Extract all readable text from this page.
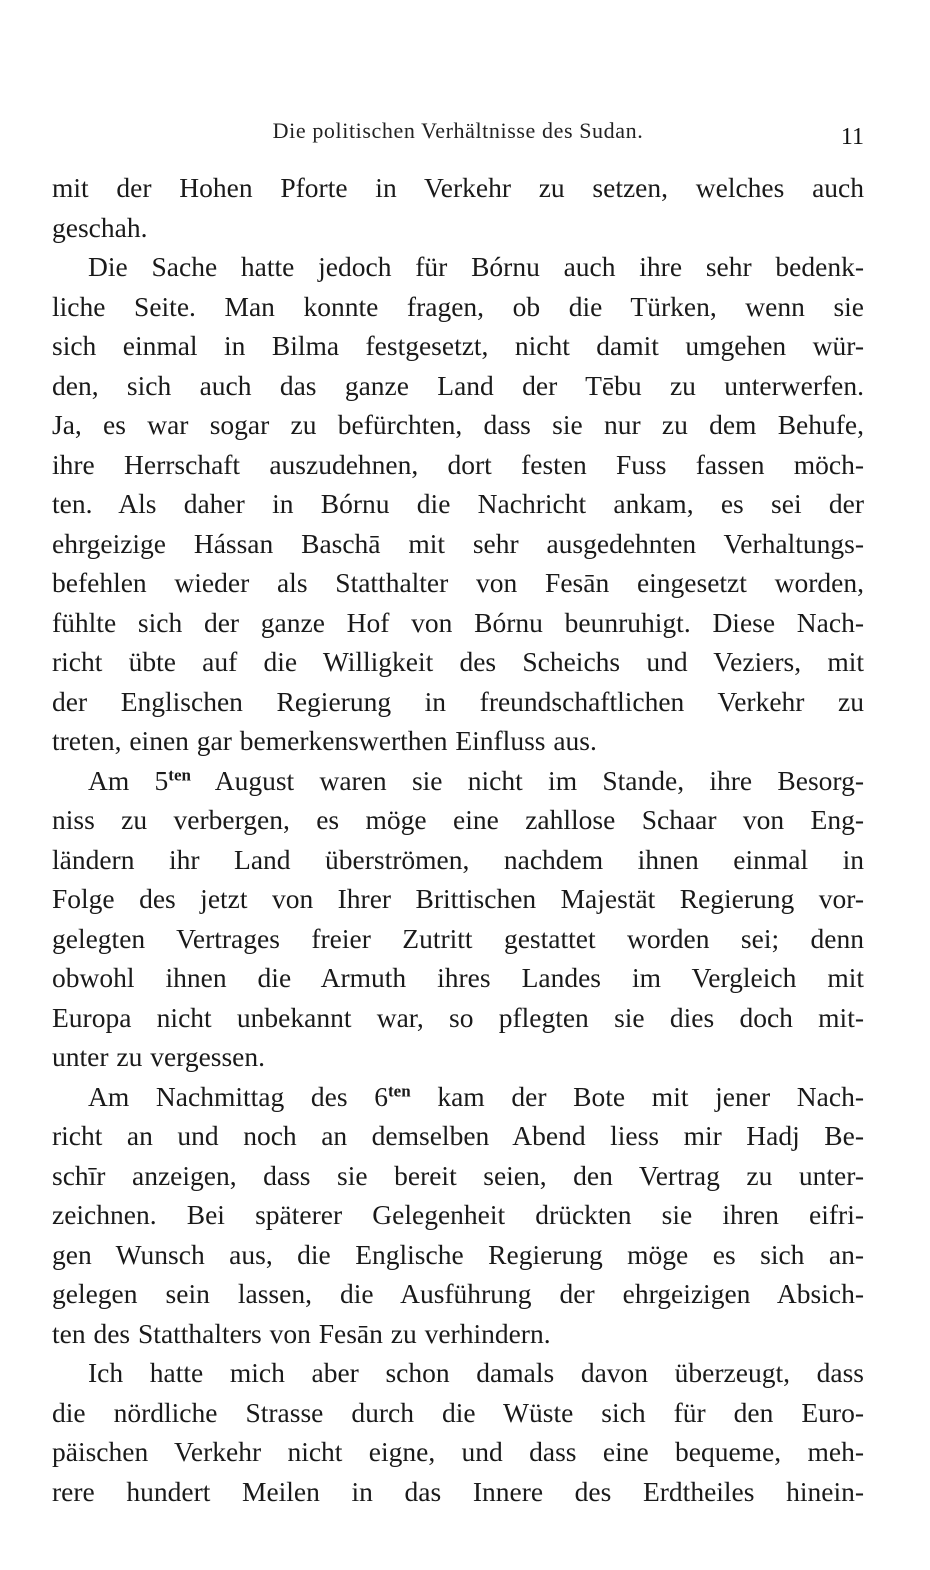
Die politischen Verhältnisse des Sudan.	11
mit der Hohen Pforte in Verkehr zu setzen, welches auch
geschah.
Die Sache hatte jedoch für Bórnu auch ihre sehr bedenk-
liche Seite. Man konnte fragen, ob die Türken, wenn sie
sich einmal in Bilma festgesetzt, nicht damit umgehen wür-
den, sich auch das ganze Land der Tēbu zu unterwerfen.
Ja, es war sogar zu befürchten, dass sie nur zu dem Behufe,
ihre Herrschaft auszudehnen, dort festen Fuss fassen möch-
ten. Als daher in Bórnu die Nachricht ankam, es sei der
ehrgeizige Hássan Baschā mit sehr ausgedehnten Verhaltungs-
befehlen wieder als Statthalter von Fesān eingesetzt worden,
fühlte sich der ganze Hof von Bórnu beunruhigt. Diese Nach-
richt übte auf die Willigkeit des Scheichs und Veziers, mit
der Englischen Regierung in freundschaftlichen Verkehr zu
treten, einen gar bemerkenswerthen Einfluss aus.
Am $5^{ten}$ August waren sie nicht im Stande, ihre Besorg-
niss zu verbergen, es möge eine zahllose Schaar von Eng-
ländern ihr Land überströmen, nachdem ihnen einmal in
Folge des jetzt von Ihrer Brittischen Majestät Regierung vor-
gelegten Vertrages freier Zutritt gestattet worden sei; denn
obwohl ihnen die Armuth ihres Landes im Vergleich mit
Europa nicht unbekannt war, so pflegten sie dies doch mit-
unter zu vergessen.
Am Nachmittag des $6^{ten}$ kam der Bote mit jener Nach-
richt an und noch an demselben Abend liess mir Hadj Be-
schīr anzeigen, dass sie bereit seien, den Vertrag zu unter-
zeichnen. Bei späterer Gelegenheit drückten sie ihren eifri-
gen Wunsch aus, die Englische Regierung möge es sich an-
gelegen sein lassen, die Ausführung der ehrgeizigen Absich-
ten des Statthalters von Fesān zu verhindern.
Ich hatte mich aber schon damals davon überzeugt, dass
die nördliche Strasse durch die Wüste sich für den Euro-
päischen Verkehr nicht eigne, und dass eine bequeme, meh-
rere hundert Meilen in das Innere des Erdtheiles hinein-
